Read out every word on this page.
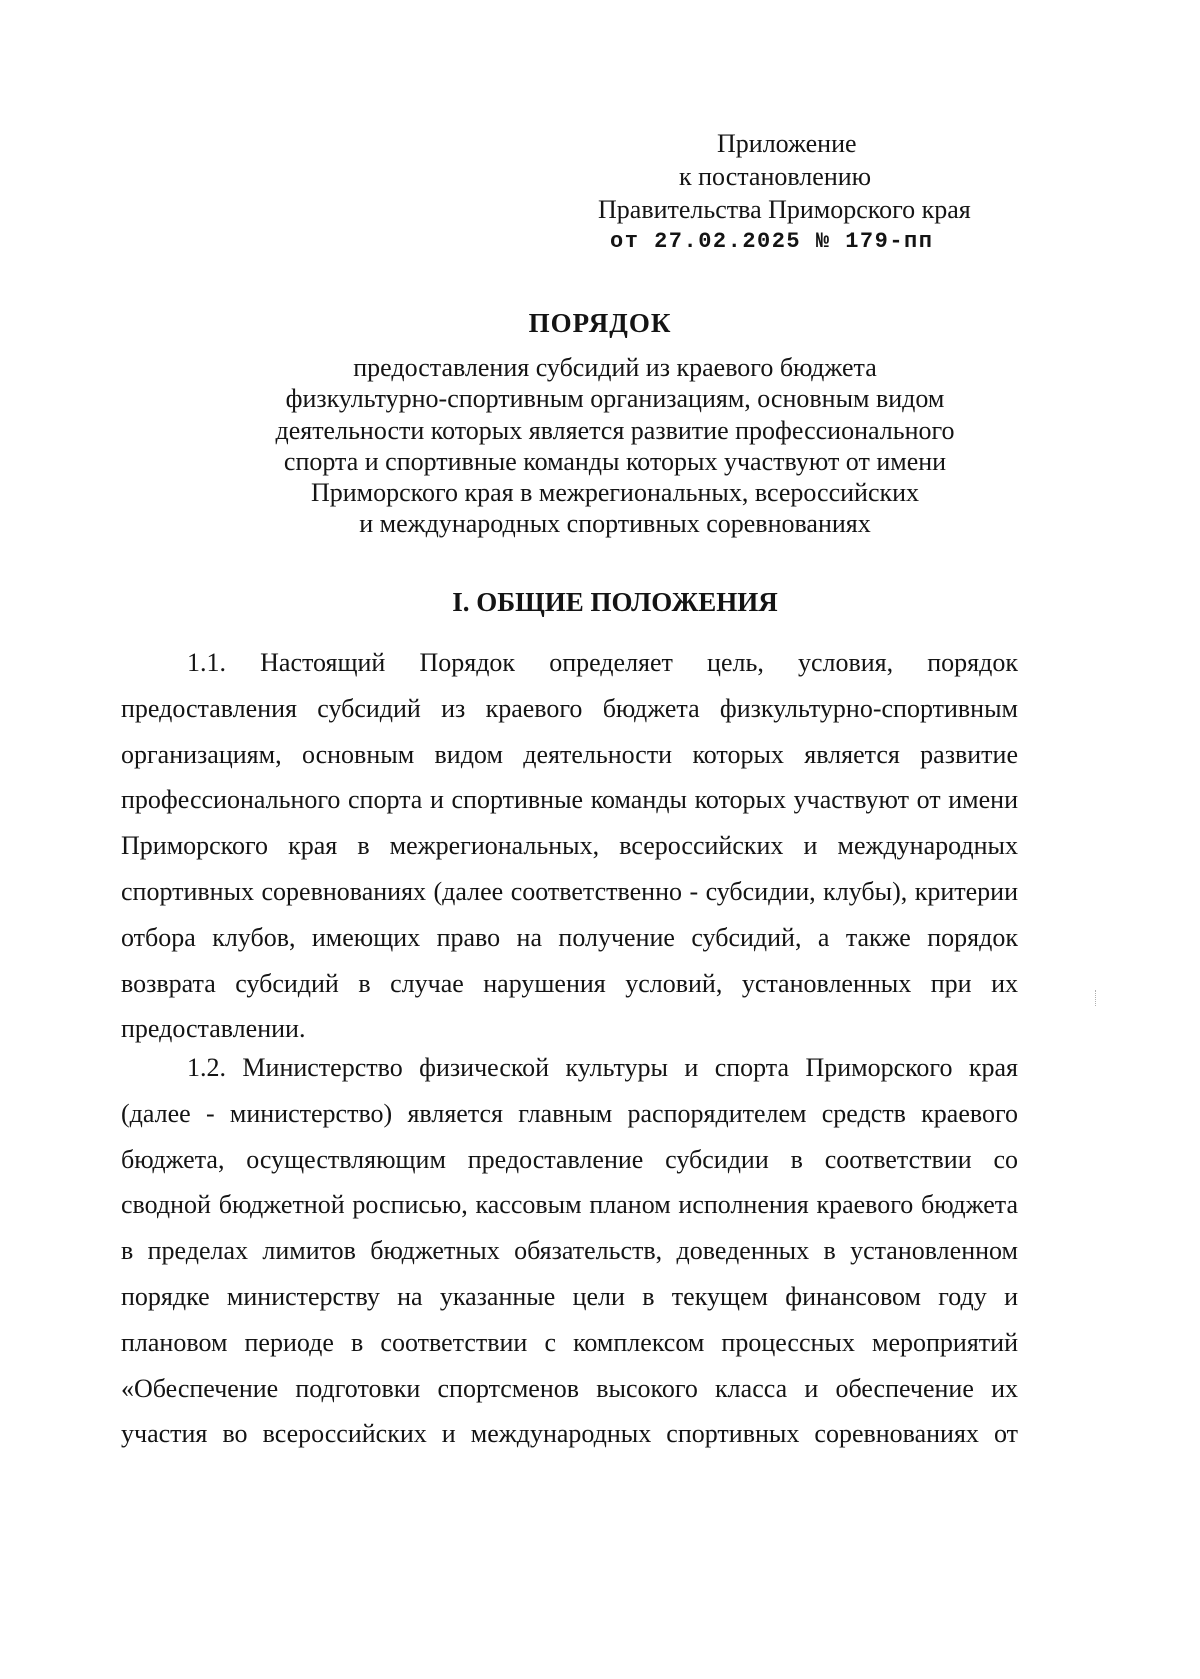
Приложение
к постановлению
Правительства Приморского края
от 27.02.2025 № 179-пп
ПОРЯДОК
предоставления субсидий из краевого бюджета
физкультурно-спортивным организациям, основным видом
деятельности которых является развитие профессионального
спорта и спортивные команды которых участвуют от имени
Приморского края в межрегиональных, всероссийских
и международных спортивных соревнованиях
I. ОБЩИЕ ПОЛОЖЕНИЯ
1.1. Настоящий Порядок определяет цель, условия, порядок
предоставления субсидий из краевого бюджета физкультурно-спортивным
организациям, основным видом деятельности которых является развитие
профессионального спорта и спортивные команды которых участвуют от имени
Приморского края в межрегиональных, всероссийских и международных
спортивных соревнованиях (далее соответственно - субсидии, клубы), критерии
отбора клубов, имеющих право на получение субсидий, а также порядок
возврата субсидий в случае нарушения условий, установленных при их
предоставлении.
1.2. Министерство физической культуры и спорта Приморского края
(далее - министерство) является главным распорядителем средств краевого
бюджета, осуществляющим предоставление субсидии в соответствии со
сводной бюджетной росписью, кассовым планом исполнения краевого бюджета
в пределах лимитов бюджетных обязательств, доведенных в установленном
порядке министерству на указанные цели в текущем финансовом году и
плановом периоде в соответствии с комплексом процессных мероприятий
«Обеспечение подготовки спортсменов высокого класса и обеспечение их
участия во всероссийских и международных спортивных соревнованиях от
